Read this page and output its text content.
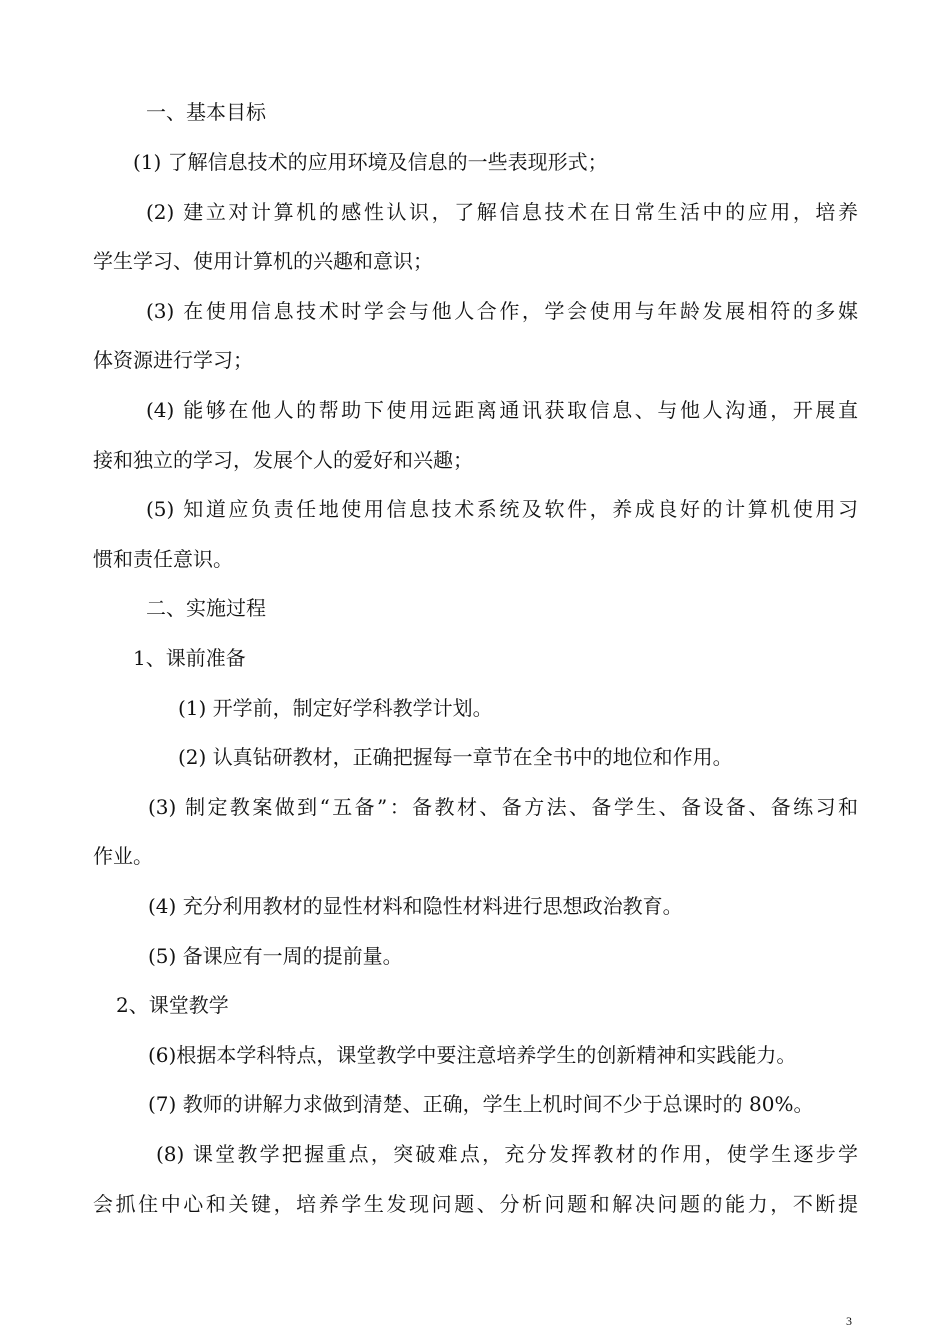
一、基本目标
(1) 了解信息技术的应用环境及信息的一些表现形式；
(2) 建立对计算机的感性认识，了解信息技术在日常生活中的应用，培养
学生学习、使用计算机的兴趣和意识；
(3) 在使用信息技术时学会与他人合作，学会使用与年龄发展相符的多媒
体资源进行学习；
(4) 能够在他人的帮助下使用远距离通讯获取信息、与他人沟通，开展直
接和独立的学习，发展个人的爱好和兴趣；
(5) 知道应负责任地使用信息技术系统及软件，养成良好的计算机使用习
惯和责任意识。
二、实施过程
1、课前准备
(1) 开学前，制定好学科教学计划。
(2) 认真钻研教材，正确把握每一章节在全书中的地位和作用。
(3) 制定教案做到“五备”：备教材、备方法、备学生、备设备、备练习和
作业。
(4) 充分利用教材的显性材料和隐性材料进行思想政治教育。
(5) 备课应有一周的提前量。
2、课堂教学
(6)根据本学科特点，课堂教学中要注意培养学生的创新精神和实践能力。
(7) 教师的讲解力求做到清楚、正确，学生上机时间不少于总课时的 80%。
(8) 课堂教学把握重点，突破难点，充分发挥教材的作用，使学生逐步学
会抓住中心和关键，培养学生发现问题、分析问题和解决问题的能力，不断提
3
